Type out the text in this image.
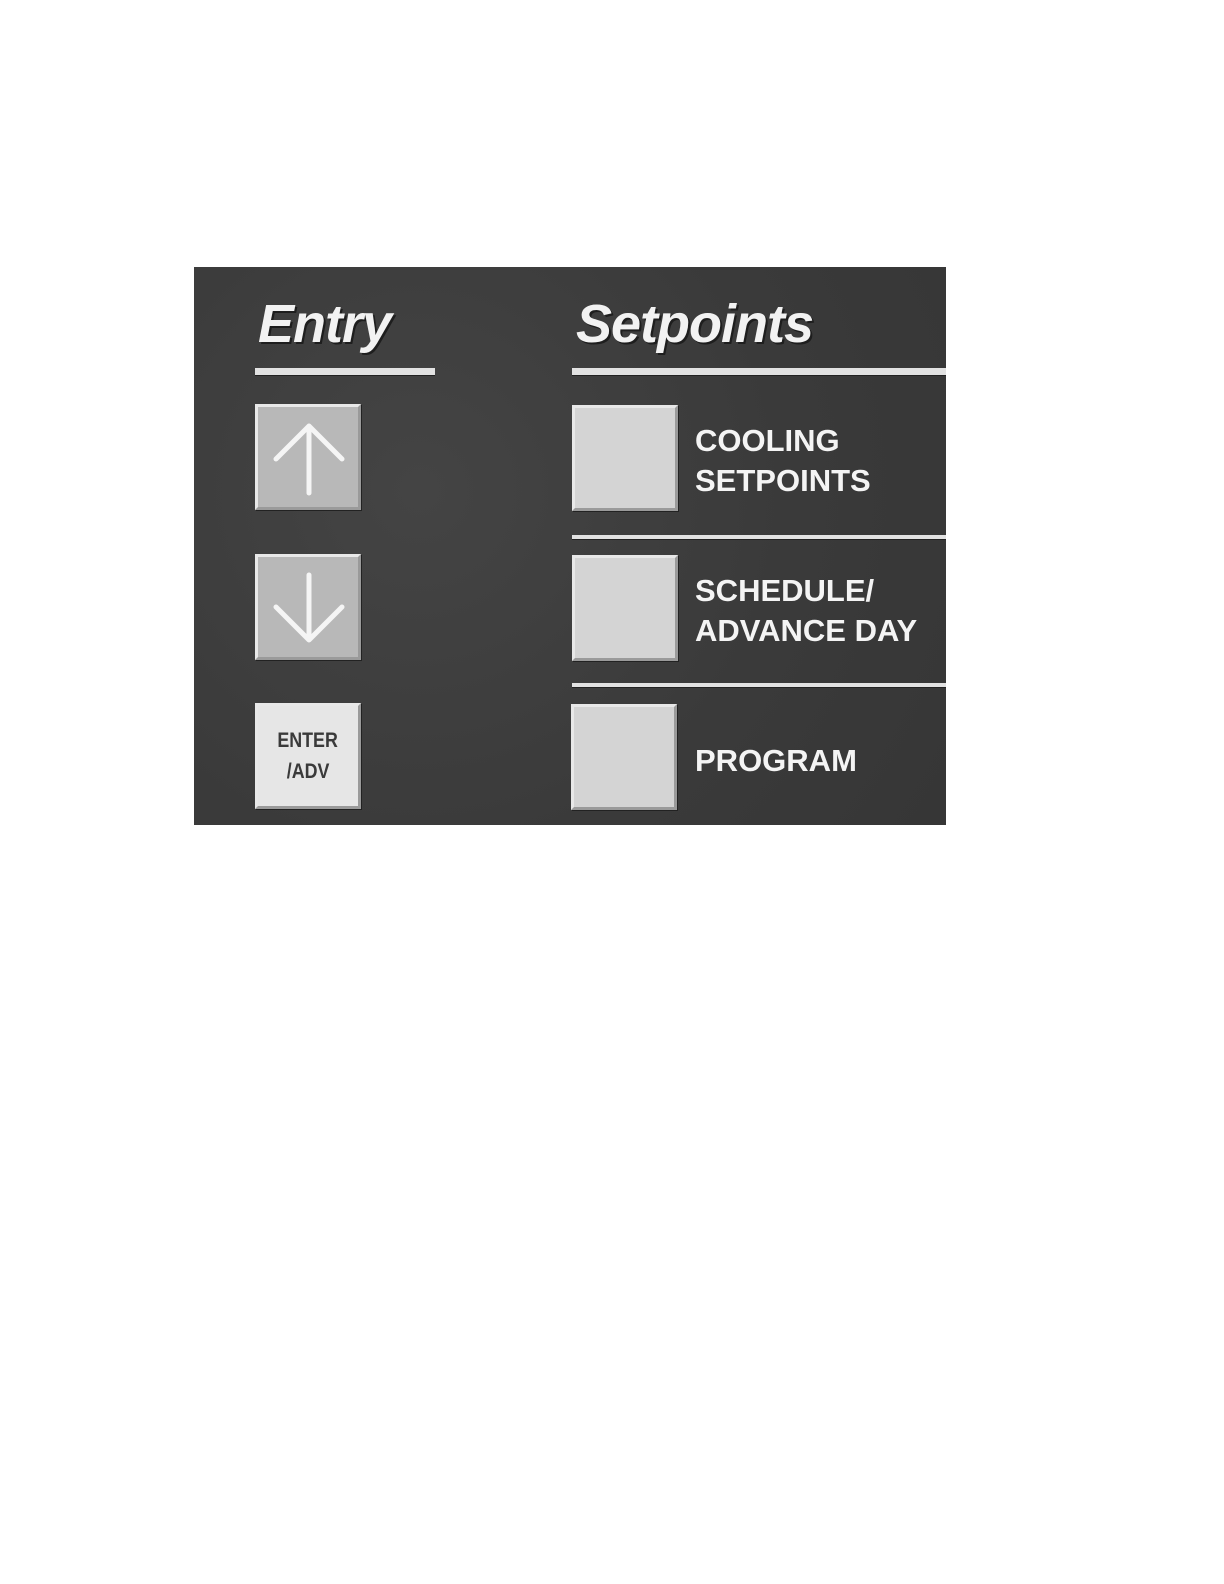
Entry
ENTER
/ADV
Setpoints
COOLING
SETPOINTS
SCHEDULE/
ADVANCE DAY
PROGRAM
